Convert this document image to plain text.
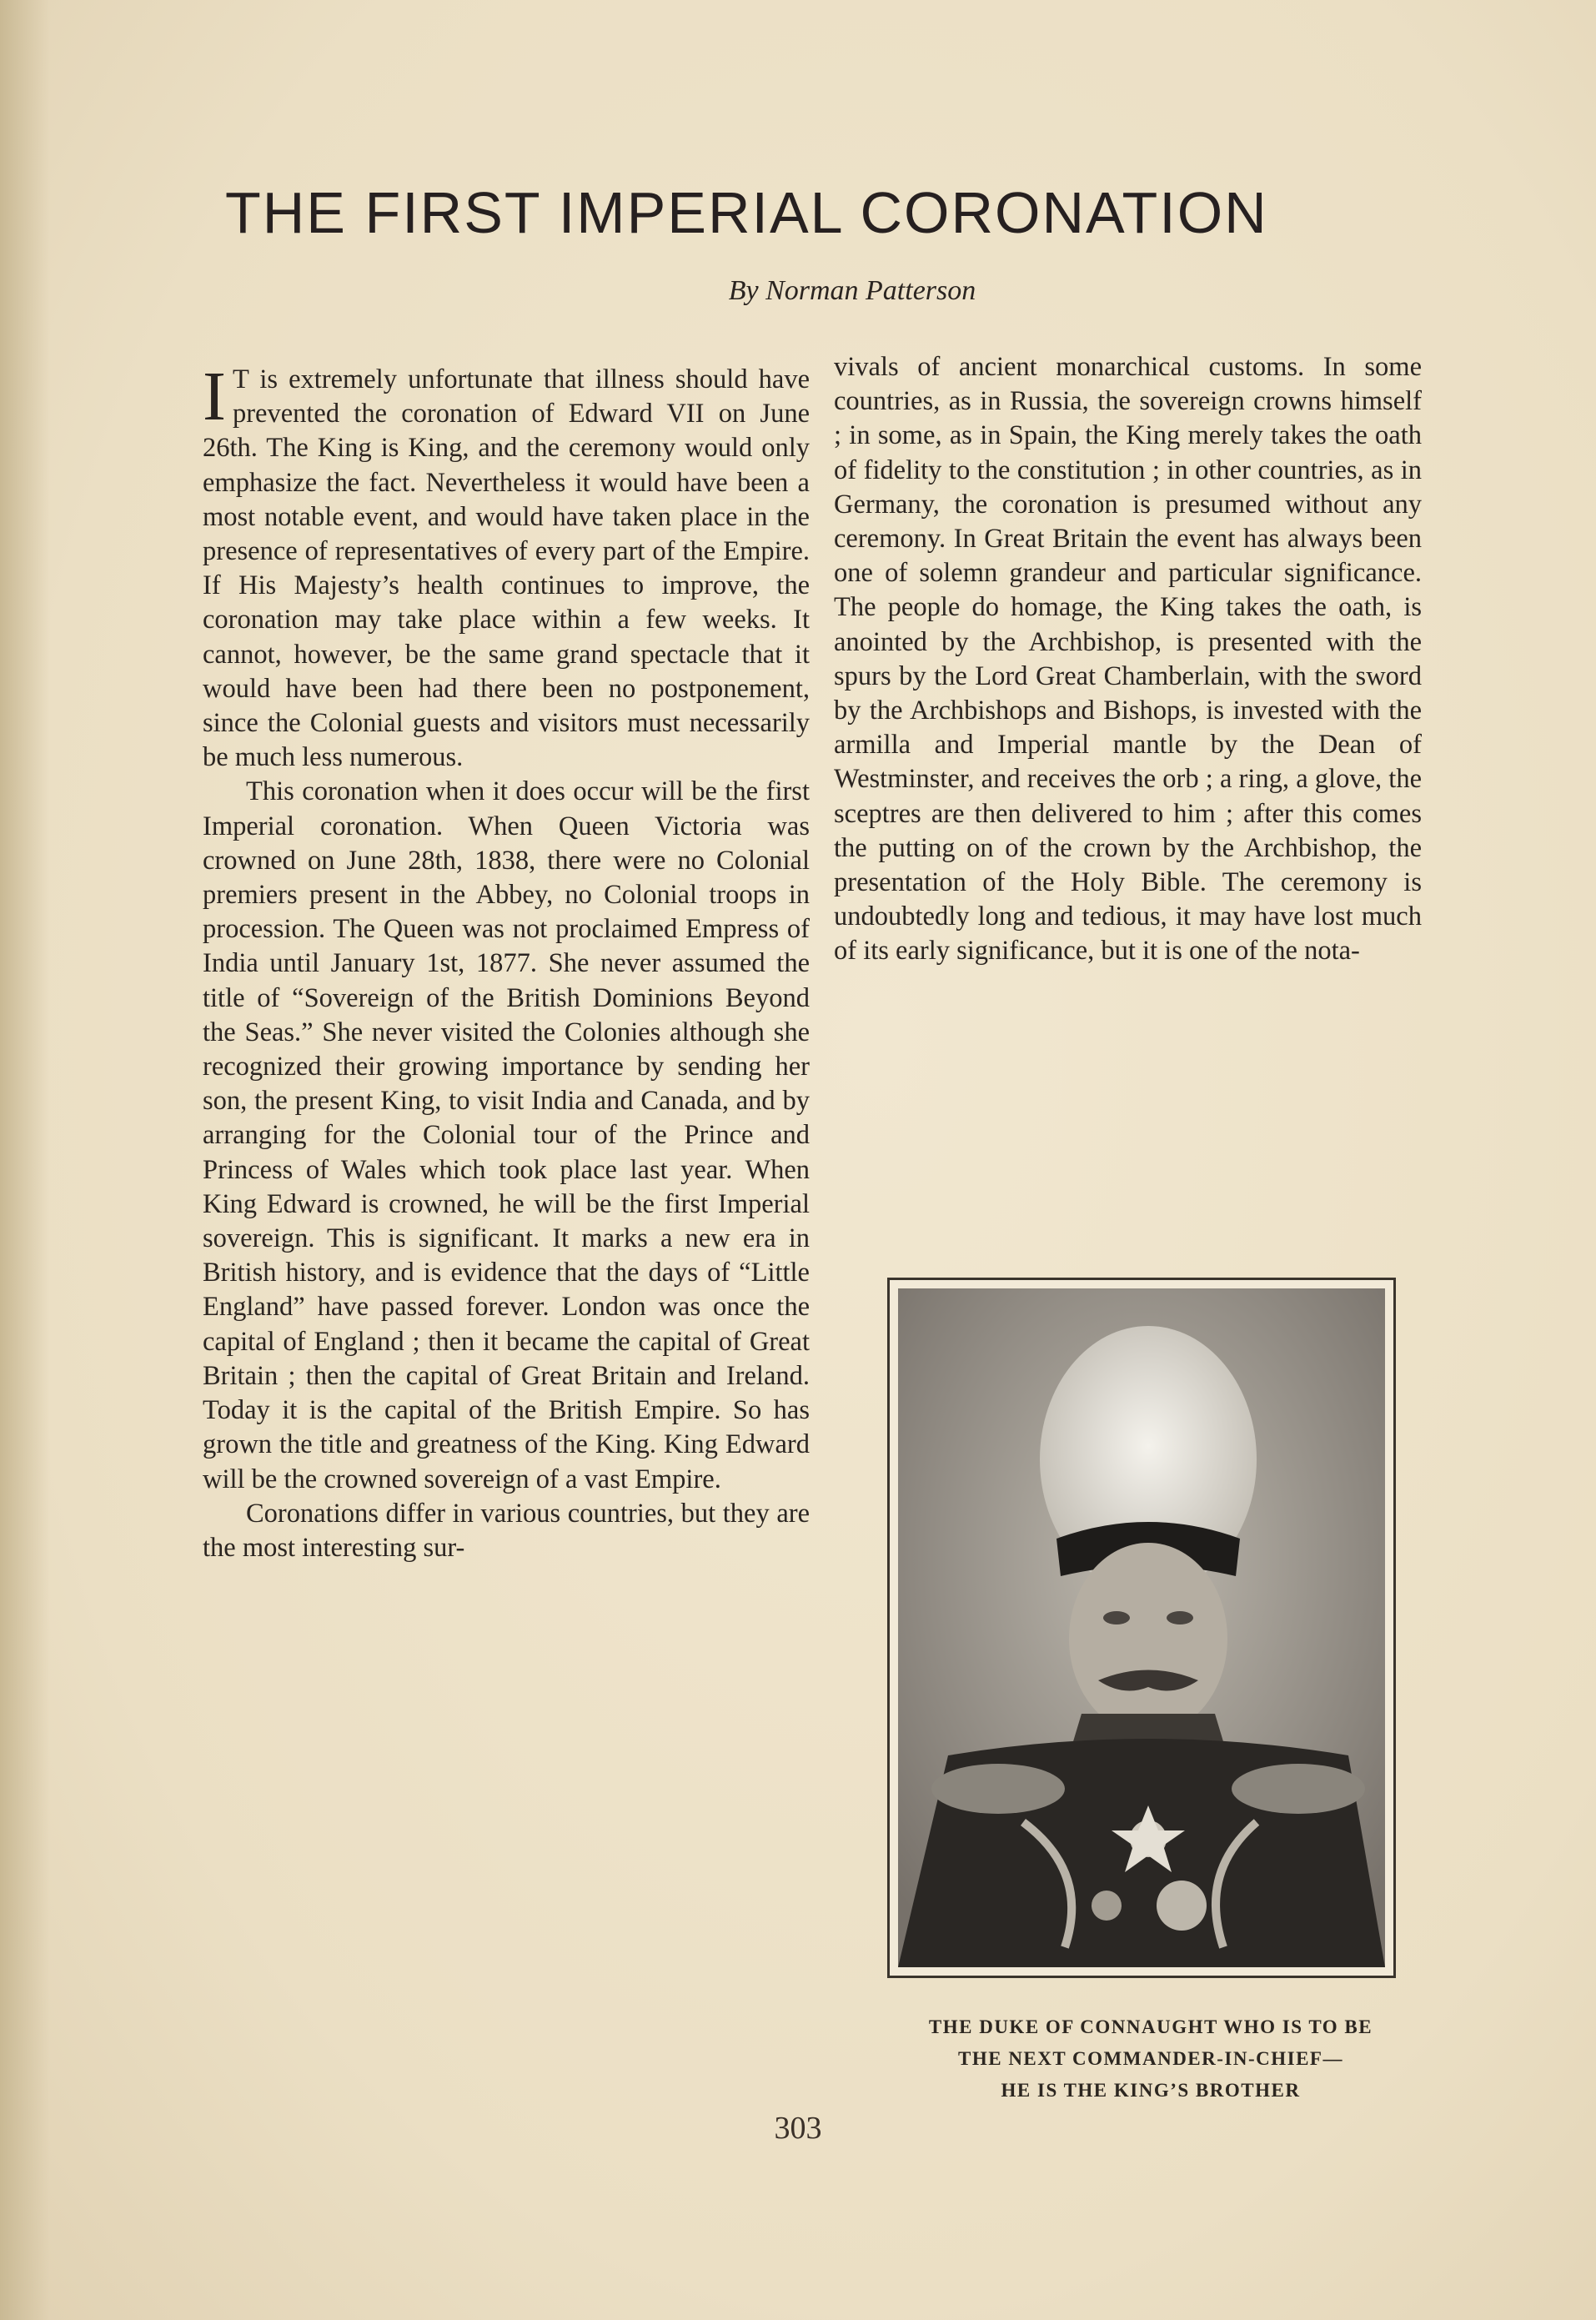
THE FIRST IMPERIAL CORONATION
By Norman Patterson

I T is extremely unfortunate that illness should have prevented the coronation of Edward VII on June 26th. The King is King, and the ceremony would only emphasize the fact. Nevertheless it would have been a most notable event, and would have taken place in the presence of representatives of every part of the Empire. If His Majesty’s health continues to improve, the coronation may take place within a few weeks. It cannot, however, be the same grand spectacle that it would have been had there been no postponement, since the Colonial guests and visitors must necessarily be much less numerous.

This coronation when it does occur will be the first Imperial coronation. When Queen Victoria was crowned on June 28th, 1838, there were no Colonial premiers present in the Abbey, no Colonial troops in procession. The Queen was not proclaimed Empress of India until January 1st, 1877. She never assumed the title of “Sovereign of the British Dominions Beyond the Seas.” She never visited the Colonies although she recognized their growing importance by sending her son, the present King, to visit India and Canada, and by arranging for the Colonial tour of the Prince and Princess of Wales which took place last year. When King Edward is crowned, he will be the first Imperial sovereign. This is significant. It marks a new era in British history, and is evidence that the days of “Little England” have passed forever. London was once the capital of England ; then it became the capital of Great Britain ; then the capital of Great Britain and Ireland. Today it is the capital of the British Empire. So has grown the title and greatness of the King. King Edward will be the crowned sovereign of a vast Empire.

Coronations differ in various countries, but they are the most interesting sur-

vivals of ancient monarchical customs. In some countries, as in Russia, the sovereign crowns himself ; in some, as in Spain, the King merely takes the oath of fidelity to the constitution ; in other countries, as in Germany, the coronation is presumed without any ceremony. In Great Britain the event has always been one of solemn grandeur and particular significance. The people do homage, the King takes the oath, is anointed by the Archbishop, is presented with the spurs by the Lord Great Chamberlain, with the sword by the Archbishops and Bishops, is invested with the armilla and Imperial mantle by the Dean of Westminster, and receives the orb ; a ring, a glove, the sceptres are then delivered to him ; after this comes the putting on of the crown by the Archbishop, the presentation of the Holy Bible. The ceremony is undoubtedly long and tedious, it may have lost much of its early significance, but it is one of the nota-

THE DUKE OF CONNAUGHT WHO IS TO BE
THE NEXT COMMANDER-IN-CHIEF—
HE IS THE KING’S BROTHER
303
